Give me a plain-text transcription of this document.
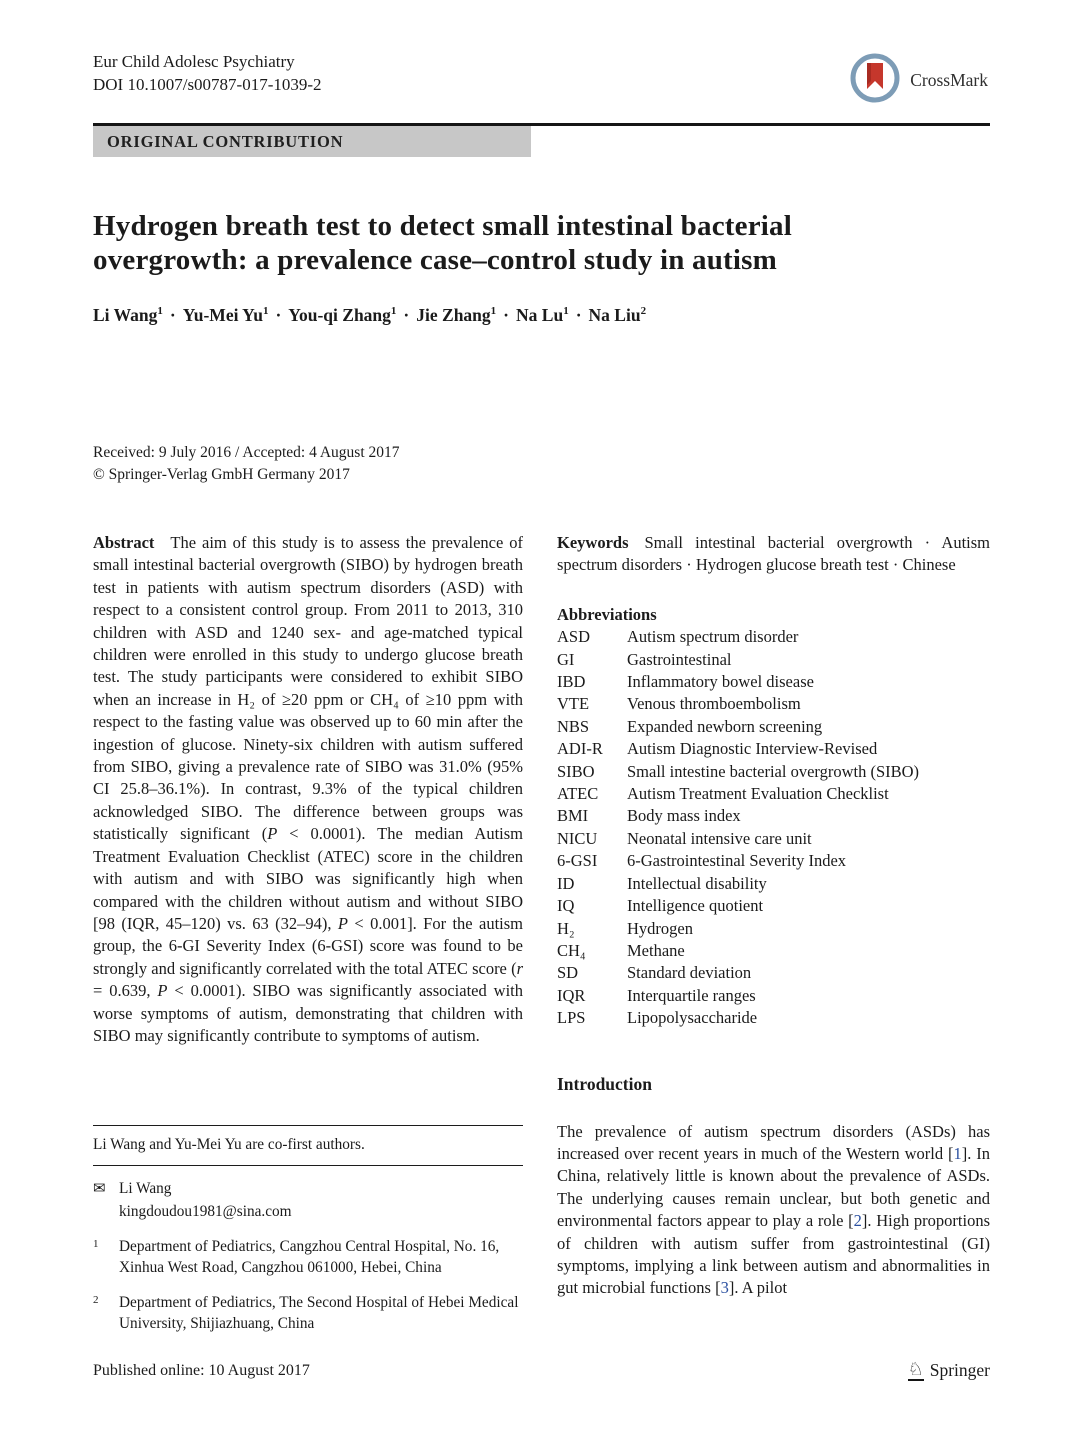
Eur Child Adolesc Psychiatry
DOI 10.1007/s00787-017-1039-2	CrossMark
ORIGINAL CONTRIBUTION
Hydrogen breath test to detect small intestinal bacterial overgrowth: a prevalence case–control study in autism
Li Wang$^1$ · Yu-Mei $Yu^1 \cdot You-qi$ Zhang$^1$ · Jie Zhang$^1$ · Na $Lu^1 \cdot Na$ Liu$^2$
Received: 9 July 2016 / Accepted: 4 August 2017
© Springer-Verlag GmbH Germany 2017

Abstract The aim of this study is to assess the prevalence of small intestinal bacterial overgrowth (SIBO) by hydrogen breath test in patients with autism spectrum disorders (ASD) with respect to a consistent control group. From 2011 to 2013, 310 children with ASD and 1240 sex- and age-matched typical children were enrolled in this study to undergo glucose breath test. The study participants were considered to exhibit SIBO when an increase in H₂ of ≥20 ppm or CH₄ of ≥10 ppm with respect to the fasting value was observed up to 60 min after the ingestion of glucose. Ninety-six children with autism suffered from SIBO, giving a prevalence rate of SIBO was 31.0% (95% CI 25.8–36.1%). In contrast, 9.3% of the typical children acknowledged SIBO. The difference between groups was statistically significant (P < 0.0001). The median Autism Treatment Evaluation Checklist (ATEC) score in the children with autism and with SIBO was significantly high when compared with the children without autism and without SIBO [98 (IQR, 45–120) vs. 63 (32–94), P < 0.001]. For the autism group, the 6-GI Severity Index (6-GSI) score was found to be strongly and significantly correlated with the total ATEC score (r = 0.639, P < 0.0001). SIBO was significantly associated with worse symptoms of autism, demonstrating that children with SIBO may significantly contribute to symptoms of autism.

Li Wang and Yu-Mei Yu are co-first authors.
✉ Li Wang
kingdoudou1981@sina.com
1	Department of Pediatrics, Cangzhou Central Hospital, No. 16, Xinhua West Road, Cangzhou 061000, Hebei, China
2	Department of Pediatrics, The Second Hospital of Hebei Medical University, Shijiazhuang, China

Keywords Small intestinal bacterial overgrowth · Autism spectrum disorders · Hydrogen glucose breath test · Chinese

Abbreviations
ASD	Autism spectrum disorder
GI	Gastrointestinal
IBD	Inflammatory bowel disease
VTE	Venous thromboembolism
NBS	Expanded newborn screening
ADI-R	Autism Diagnostic Interview-Revised
SIBO	Small intestine bacterial overgrowth (SIBO)
ATEC	Autism Treatment Evaluation Checklist
BMI	Body mass index
NICU	Neonatal intensive care unit
6-GSI	6-Gastrointestinal Severity Index
ID	Intellectual disability
IQ	Intelligence quotient
H₂	Hydrogen
CH₄	Methane
SD	Standard deviation
IQR	Interquartile ranges
LPS	Lipopolysaccharide
Introduction

The prevalence of autism spectrum disorders (ASDs) has increased over recent years in much of the Western world [1]. In China, relatively little is known about the prevalence of ASDs. The underlying causes remain unclear, but both genetic and environmental factors appear to play a role [2]. High proportions of children with autism suffer from gastrointestinal (GI) symptoms, implying a link between autism and abnormalities in gut microbial functions [3]. A pilot

Published online: 10 August 2017	♘ Springer
